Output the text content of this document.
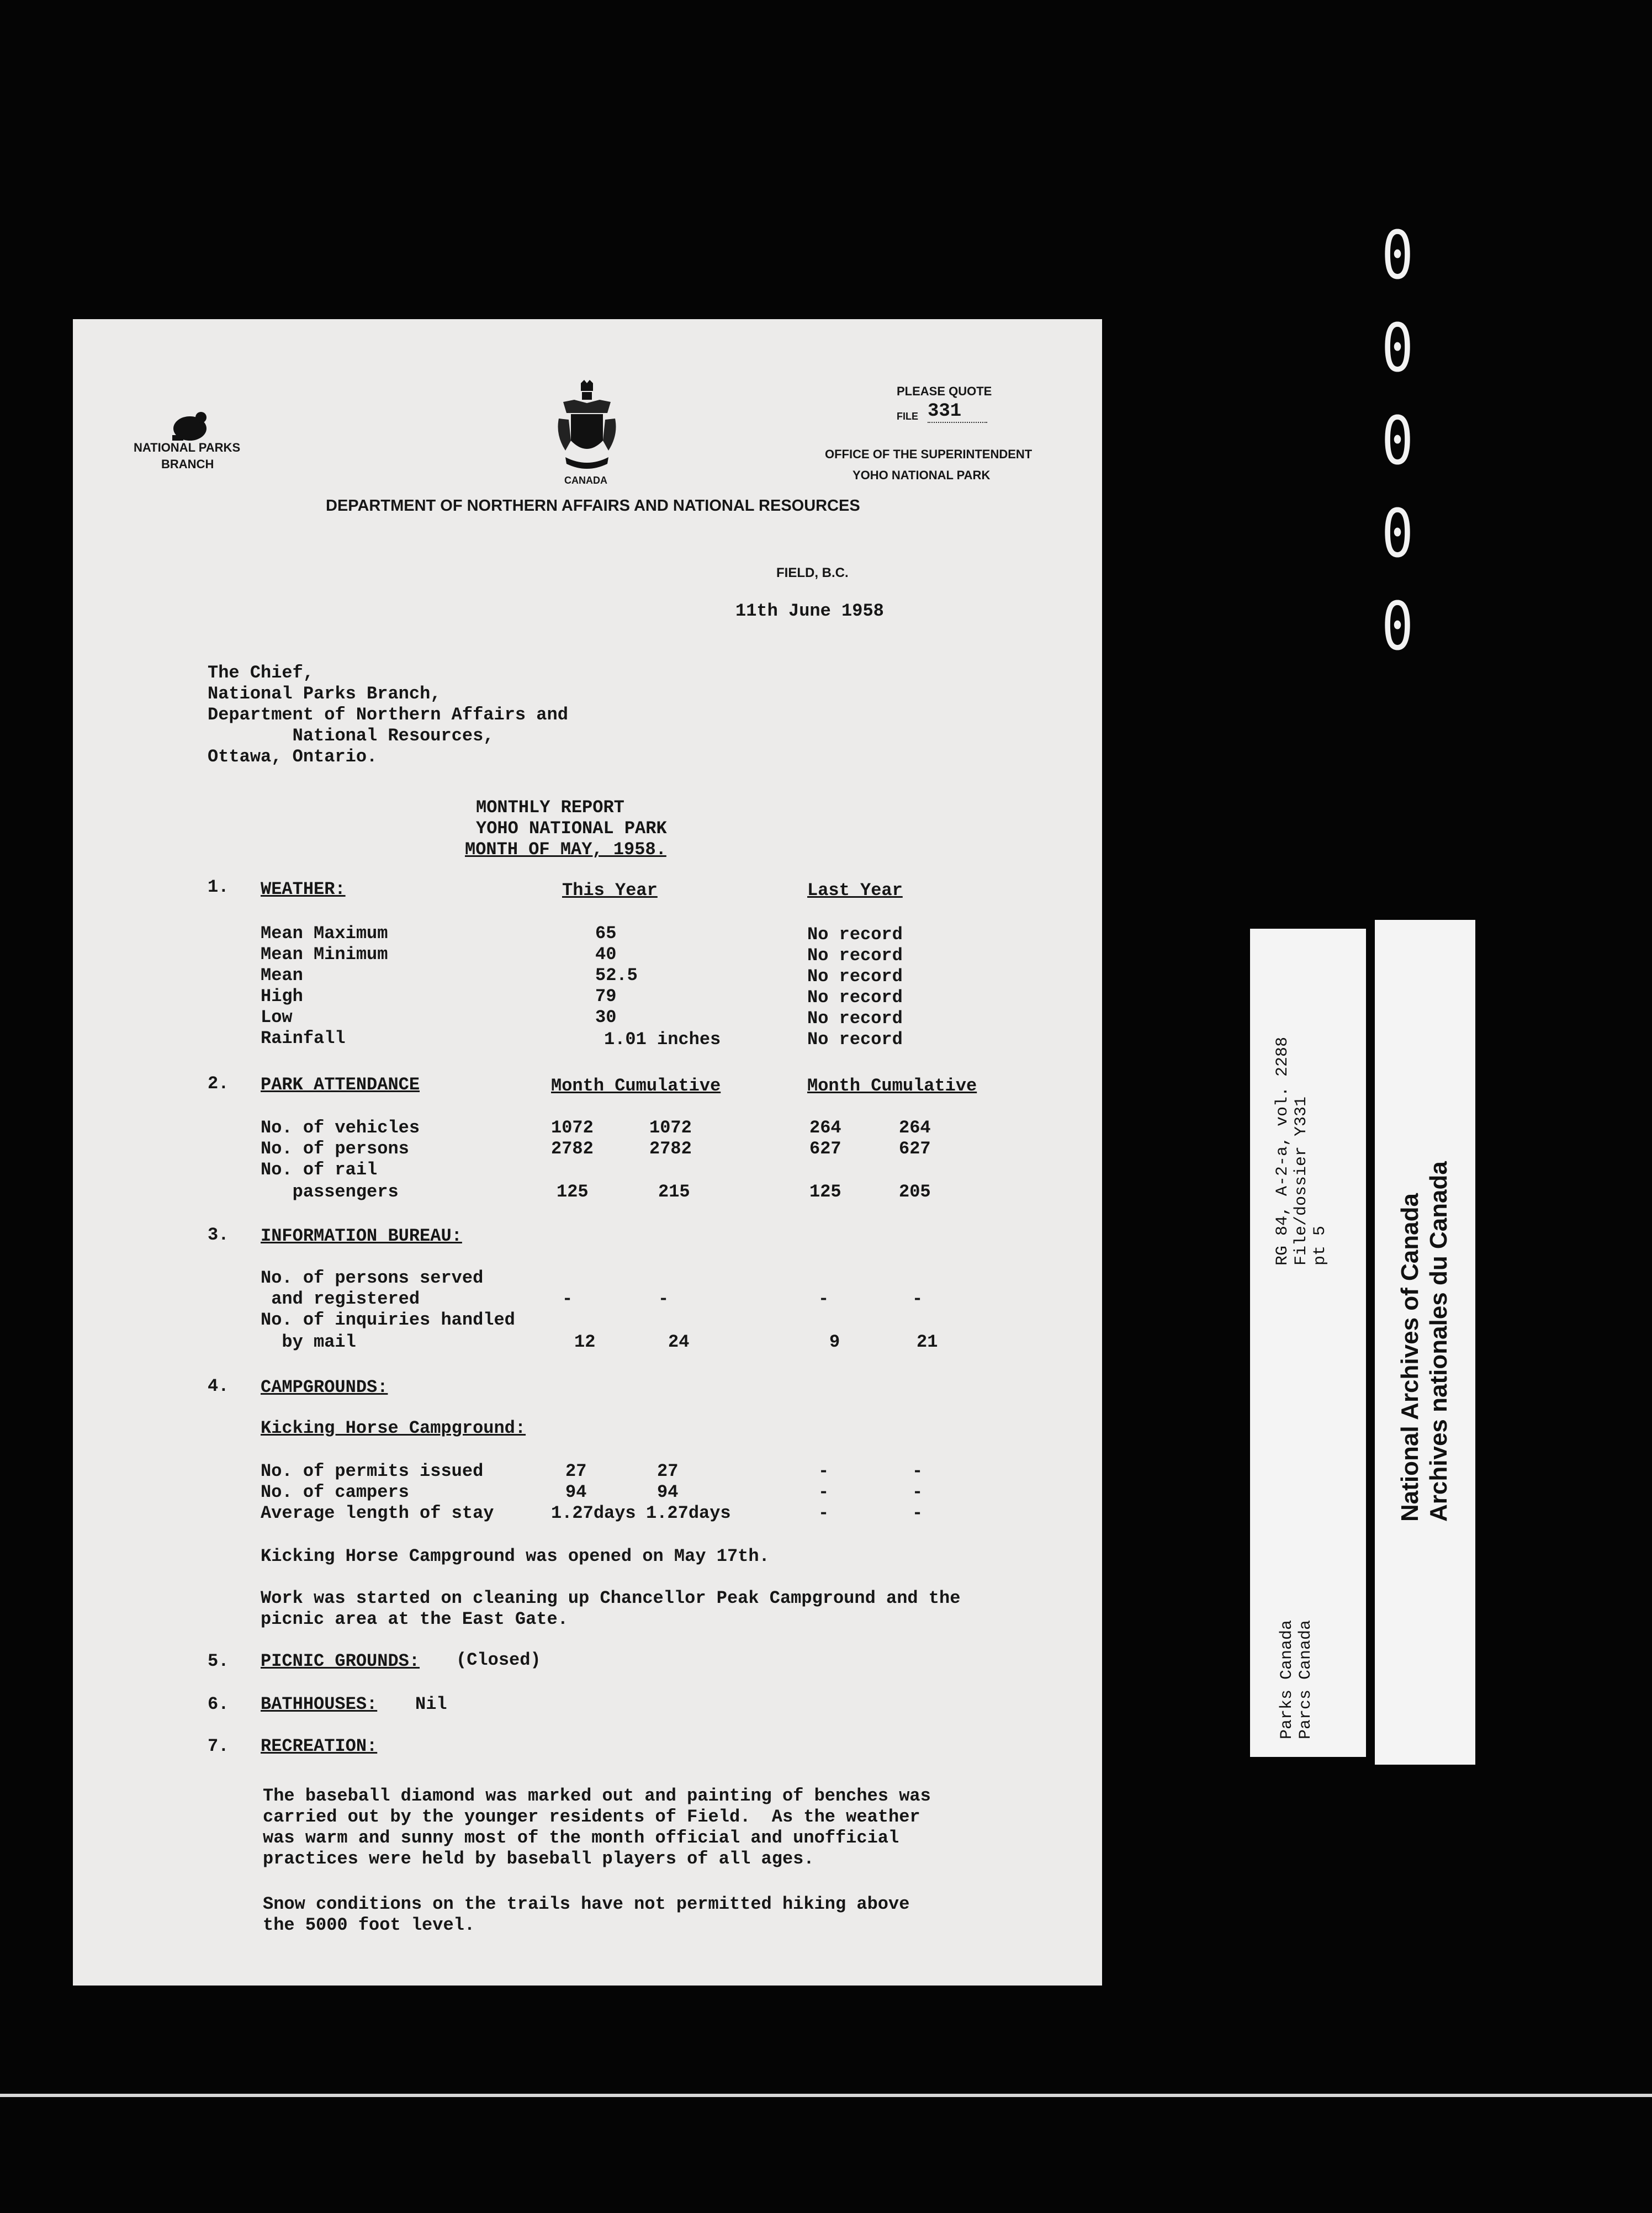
0
0
0
0
0
NATIONAL PARKS
BRANCH
CANADA
PLEASE QUOTE
FILE 331
OFFICE OF THE SUPERINTENDENT
YOHO NATIONAL PARK
DEPARTMENT OF NORTHERN AFFAIRS AND NATIONAL RESOURCES
FIELD, B.C.
11th June 1958
The Chief,
National Parks Branch,
Department of Northern Affairs and
National Resources,
Ottawa, Ontario.
MONTHLY REPORT
YOHO NATIONAL PARK
MONTH OF MAY, 1958.
1. WEATHER:	This Year	Last Year
Mean Maximum	65	No record
Mean Minimum	40	No record
Mean	52.5	No record
High	79	No record
Low	30	No record
Rainfall	1.01 inches	No record
2. PARK ATTENDANCE	Month Cumulative	Month Cumulative
No. of vehicles	1072	1072	264	264
No. of persons	2782	2782	627	627
No. of rail
passengers	125	215	125	205
3. INFORMATION BUREAU:
No. of persons served
and registered	-	-	-	-
No. of inquiries handled
by mail	12	24	9	21
4. CAMPGROUNDS:
Kicking Horse Campground:
No. of permits issued	27	27	-	-
No. of campers	94	94	-	-
Average length of stay	1.27days 1.27days	-	-
Kicking Horse Campground was opened on May 17th.
Work was started on cleaning up Chancellor Peak Campground and the
picnic area at the East Gate.
5. PICNIC GROUNDS: (Closed)
6. BATHHOUSES: Nil
7. RECREATION:
The baseball diamond was marked out and painting of benches was
carried out by the younger residents of Field.  As the weather
was warm and sunny most of the month official and unofficial
practices were held by baseball players of all ages.
Snow conditions on the trails have not permitted hiking above
the 5000 foot level.
RG 84, A-2-a, vol. 2288
File/dossier Y331
pt 5
Parks Canada
Parcs Canada
National Archives of Canada
Archives nationales du Canada
